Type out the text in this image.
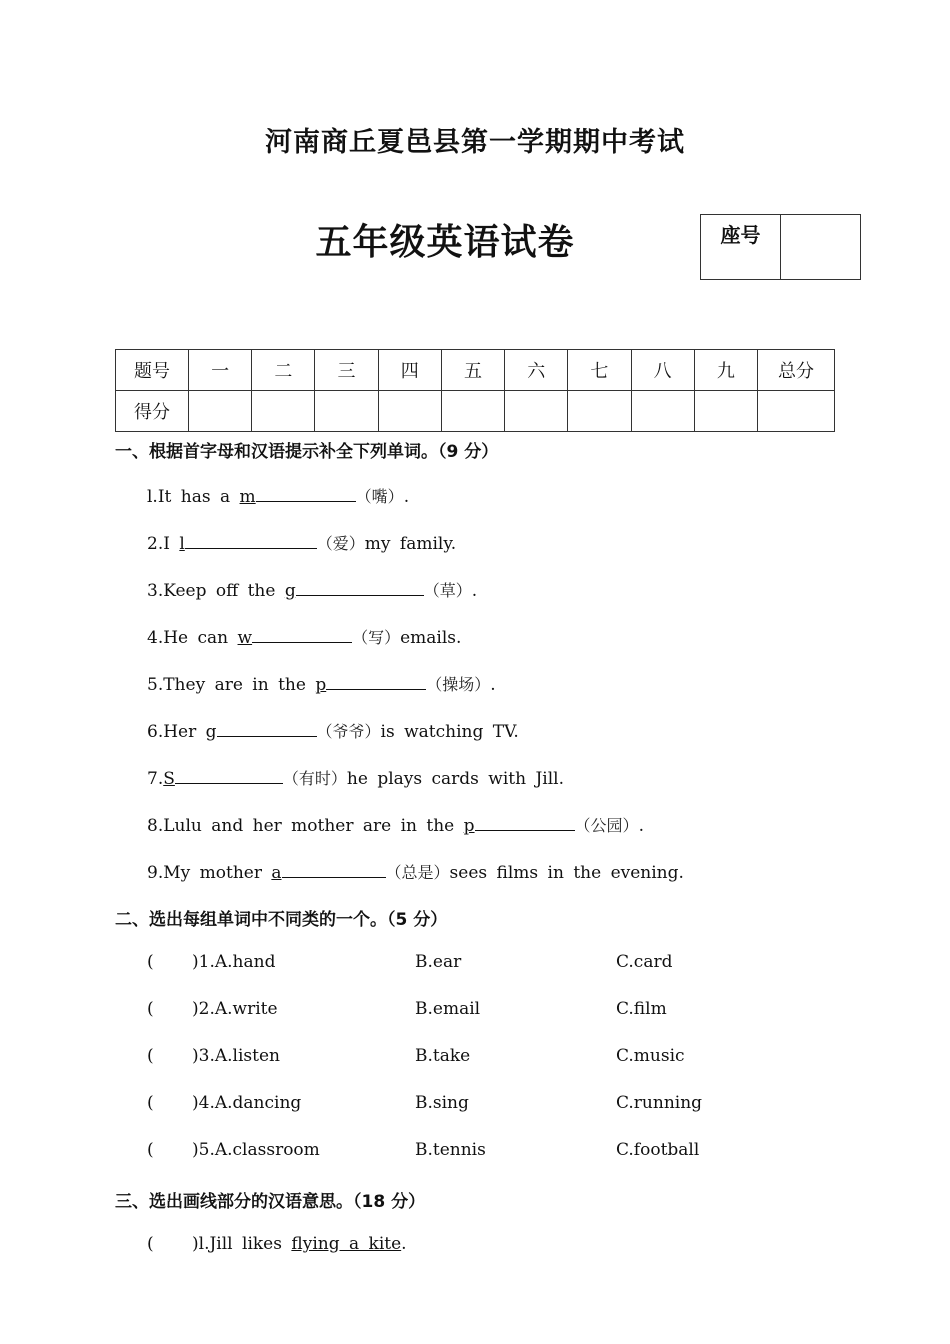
河南商丘夏邑县第一学期期中考试
五年级英语试卷	座号
题号	一	二	三	四	五	六	七	八	九	总分
得分										
一、根据首字母和汉语提示补全下列单词。（9 分）
l.It has a m	（嘴）.
2.I l	（爱）my family.
3.Keep off the g	（草）.
4.He can w	（写）emails.
5.They are in the p	（操场）.
6.Her g	（爷爷）is watching TV.
7.S	（有时）he plays cards with Jill.
8.Lulu and her mother are in the p	（公园）.
9.My mother a	（总是）sees films in the evening.
二、选出每组单词中不同类的一个。（5 分）
( )1.A.hand	B.ear	C.card
( )2.A.write	B.email	C.film
( )3.A.listen	B.take	C.music
( )4.A.dancing	B.sing	C.running
( )5.A.classroom	B.tennis	C.football
三、选出画线部分的汉语意思。（18 分）
( )l.Jill likes flying a kite.
